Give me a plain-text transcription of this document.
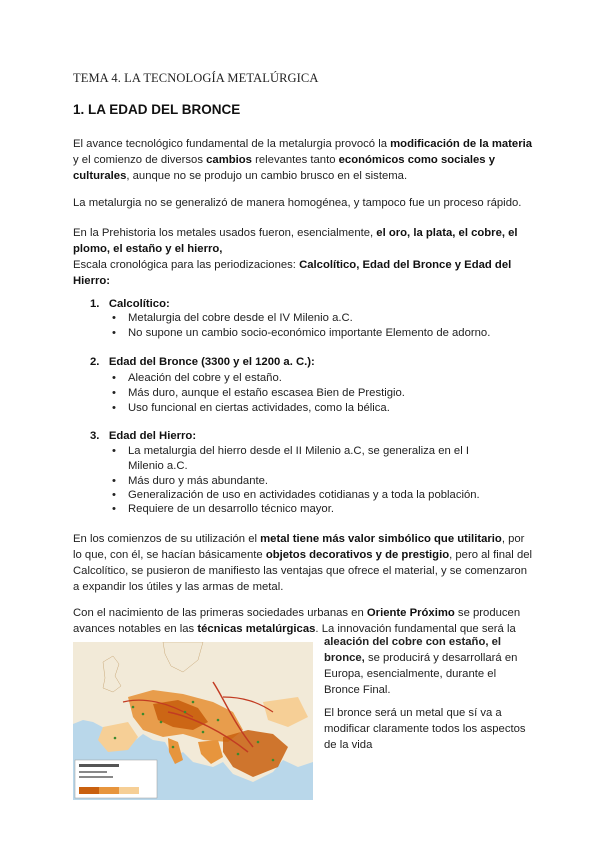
TEMA 4. LA TECNOLOGÍA METALÚRGICA
1. LA EDAD DEL BRONCE

El avance tecnológico fundamental de la metalurgia provocó la modificación de la materia y el comienzo de diversos cambios relevantes tanto económicos como sociales y culturales, aunque no se produjo un cambio brusco en el sistema.

La metalurgia no se generalizó de manera homogénea, y tampoco fue un proceso rápido.

En la Prehistoria los metales usados fueron, esencialmente, el oro, la plata, el cobre, el plomo, el estaño y el hierro,

Escala cronológica para las periodizaciones: Calcolítico, Edad del Bronce y Edad del Hierro:

1. Calcolítico:
• Metalurgia del cobre desde el IV Milenio a.C.
• No supone un cambio socio-económico importante Elemento de adorno.
2. Edad del Bronce (3300 y el 1200 a. C.):
• Aleación del cobre y el estaño.
• Más duro, aunque el estaño escasea Bien de Prestigio.
• Uso funcional en ciertas actividades, como la bélica.
3. Edad del Hierro:
• La metalurgia del hierro desde el II Milenio a.C, se generaliza en el I Milenio a.C.
• Más duro y más abundante.
• Generalización de uso en actividades cotidianas y a toda la población.
• Requiere de un desarrollo técnico mayor.

En los comienzos de su utilización el metal tiene más valor simbólico que utilitario, por lo que, con él, se hacían básicamente objetos decorativos y de prestigio, pero al final del Calcolítico, se pusieron de manifiesto las ventajas que ofrece el material, y se comenzaron a expandir los útiles y las armas de metal.

Con el nacimiento de las primeras sociedades urbanas en Oriente Próximo se producen avances notables en las técnicas metalúrgicas. La innovación fundamental que será la

aleación del cobre con estaño, el bronce, se producirá y desarrollará en Europa, esencialmente, durante el Bronce Final.
El bronce será un metal que sí va a modificar claramente todos los aspectos de la vida
